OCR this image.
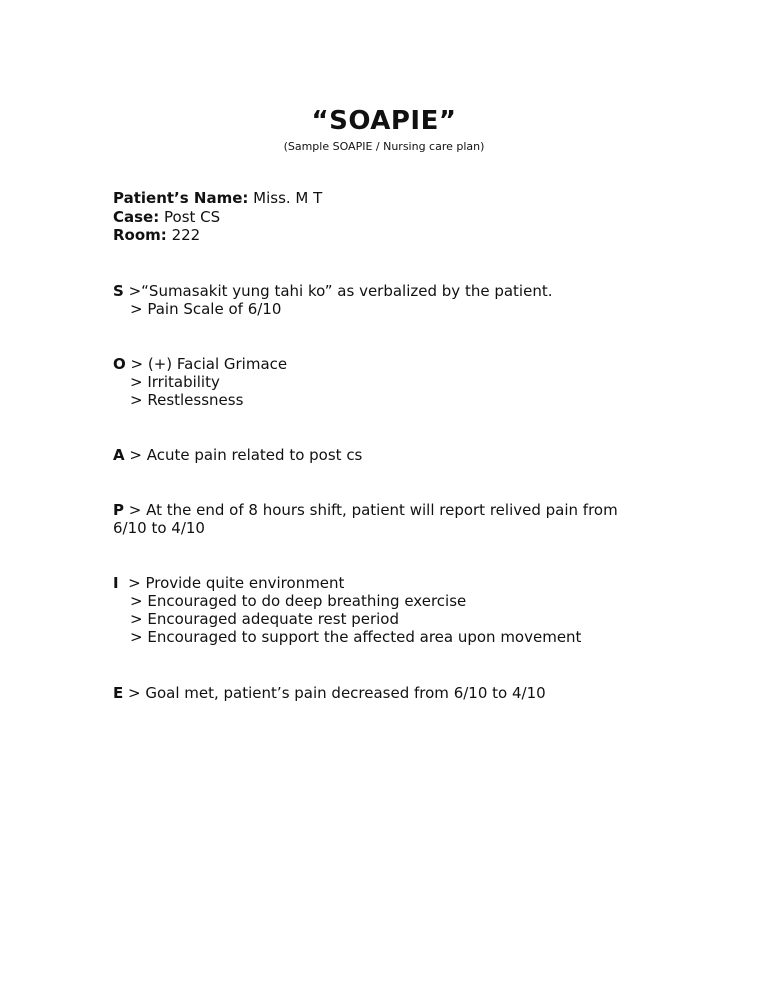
“SOAPIE”
(Sample SOAPIE / Nursing care plan)
Patient’s Name: Miss. M T
Case: Post CS
Room: 222
S >“Sumasakit yung tahi ko” as verbalized by the patient.
> Pain Scale of 6/10
O > (+) Facial Grimace
> Irritability
> Restlessness
A > Acute pain related to post cs
P > At the end of 8 hours shift, patient will report relived pain from
6/10 to 4/10
I  > Provide quite environment
> Encouraged to do deep breathing exercise
> Encouraged adequate rest period
> Encouraged to support the affected area upon movement
E > Goal met, patient’s pain decreased from 6/10 to 4/10
